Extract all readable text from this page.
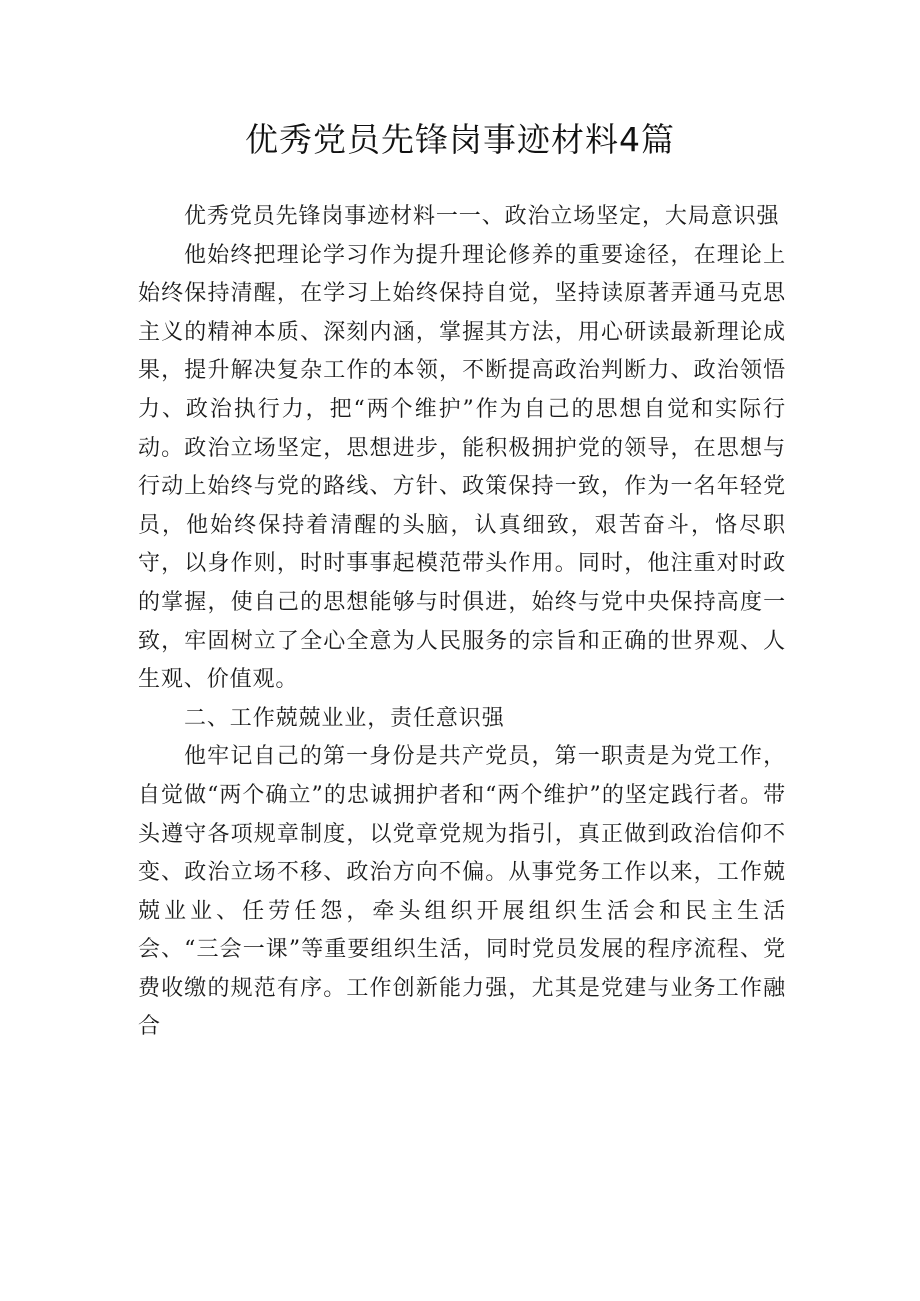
优秀党员先锋岗事迹材料4篇

优秀党员先锋岗事迹材料一一、政治立场坚定，大局意识强

他始终把理论学习作为提升理论修养的重要途径，在理论上始终保持清醒，在学习上始终保持自觉，坚持读原著弄通马克思主义的精神本质、深刻内涵，掌握其方法，用心研读最新理论成果，提升解决复杂工作的本领，不断提高政治判断力、政治领悟力、政治执行力，把“两个维护”作为自己的思想自觉和实际行动。政治立场坚定，思想进步，能积极拥护党的领导，在思想与行动上始终与党的路线、方针、政策保持一致，作为一名年轻党员，他始终保持着清醒的头脑，认真细致，艰苦奋斗，恪尽职守，以身作则，时时事事起模范带头作用。同时，他注重对时政的掌握，使自己的思想能够与时俱进，始终与党中央保持高度一致，牢固树立了全心全意为人民服务的宗旨和正确的世界观、人生观、价值观。

二、工作兢兢业业，责任意识强

他牢记自己的第一身份是共产党员，第一职责是为党工作，自觉做“两个确立”的忠诚拥护者和“两个维护”的坚定践行者。带头遵守各项规章制度，以党章党规为指引，真正做到政治信仰不变、政治立场不移、政治方向不偏。从事党务工作以来，工作兢兢业业、任劳任怨，牵头组织开展组织生活会和民主生活会、“三会一课”等重要组织生活，同时党员发展的程序流程、党费收缴的规范有序。工作创新能力强，尤其是党建与业务工作融合
